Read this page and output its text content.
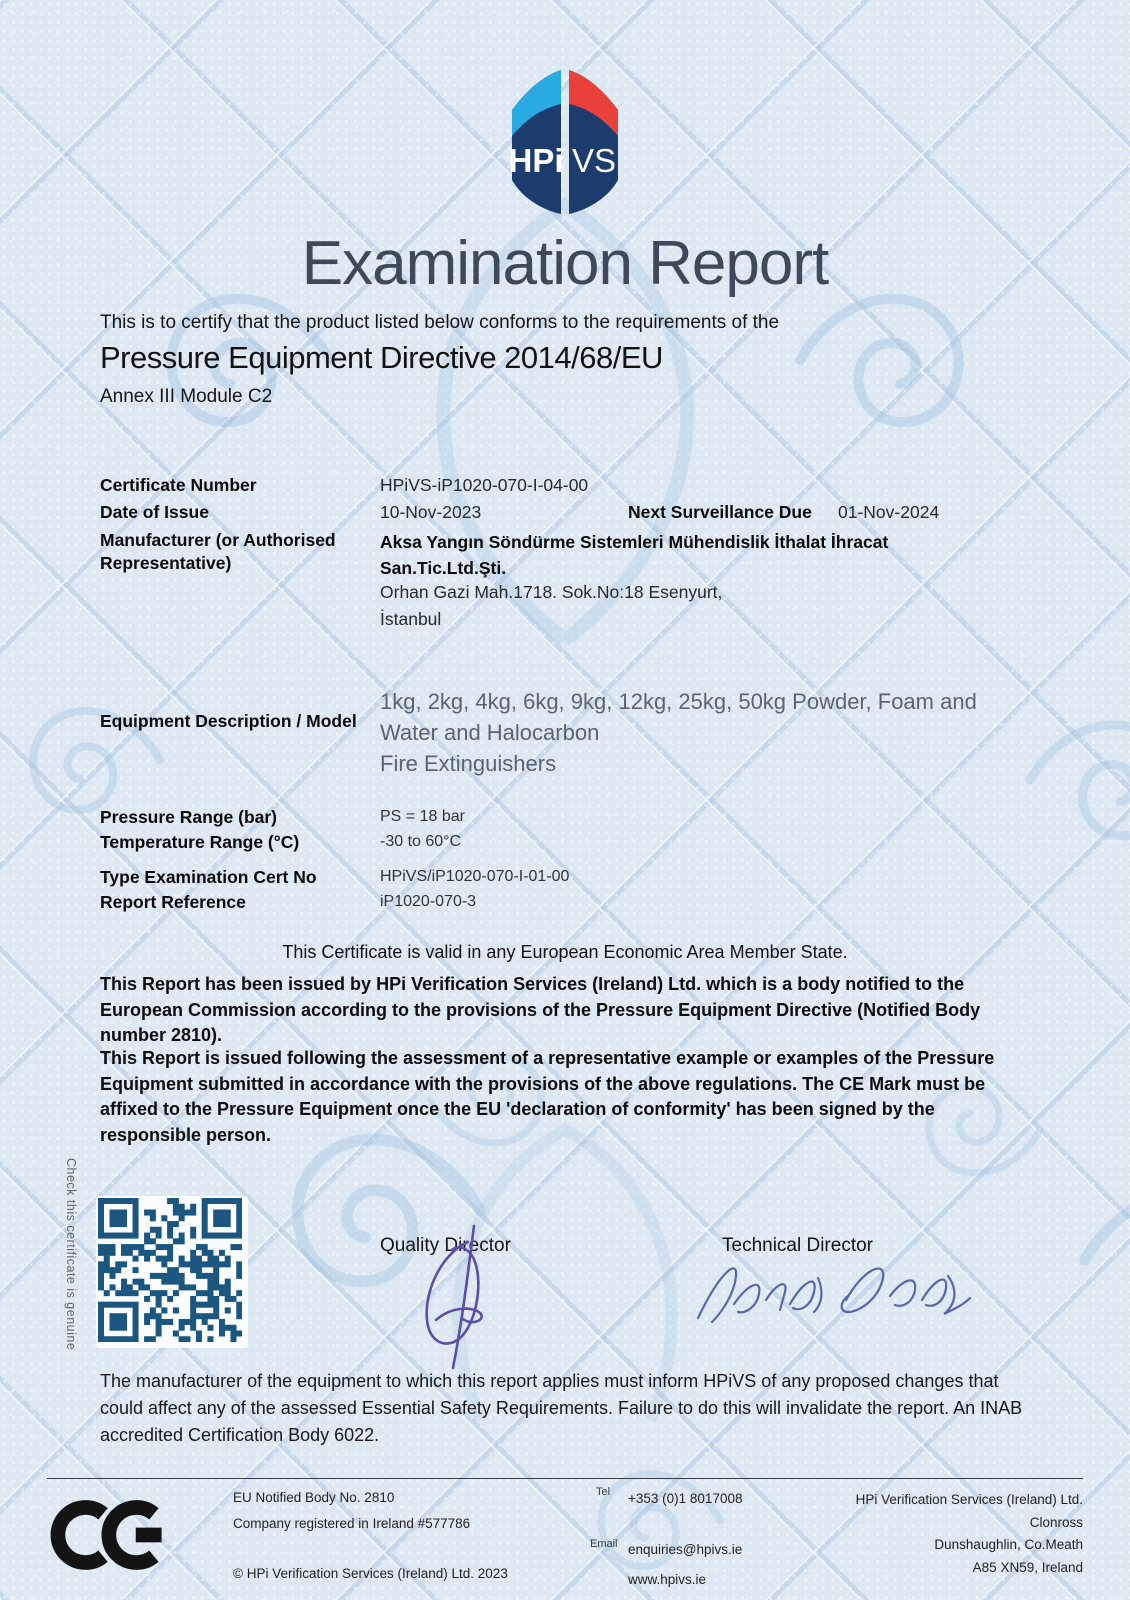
HPi VS
Examination Report
This is to certify that the product listed below conforms to the requirements of the
Pressure Equipment Directive 2014/68/EU
Annex III Module C2
Certificate Number	HPiVS-iP1020-070-I-04-00
Date of Issue	10-Nov-2023	Next Surveillance Due 01-Nov-2024
Manufacturer (or Authorised Representative)
Aksa Yangın Söndürme Sistemleri Mühendislik İthalat İhracat San.Tic.Ltd.Şti.
Orhan Gazi Mah.1718. Sok.No:18 Esenyurt,
İstanbul
Equipment Description / Model
1kg, 2kg, 4kg, 6kg, 9kg, 12kg, 25kg, 50kg Powder, Foam and
Water and Halocarbon
Fire Extinguishers
Pressure Range (bar)	PS = 18 bar
Temperature Range (°C)	-30 to 60°C
Type Examination Cert No	HPiVS/iP1020-070-I-01-00
Report Reference	iP1020-070-3
This Certificate is valid in any European Economic Area Member State.
This Report has been issued by HPi Verification Services (Ireland) Ltd. which is a body notified to the European Commission according to the provisions of the Pressure Equipment Directive (Notified Body number 2810).
This Report is issued following the assessment of a representative example or examples of the Pressure Equipment submitted in accordance with the provisions of the above regulations. The CE Mark must be affixed to the Pressure Equipment once the EU 'declaration of conformity' has been signed by the responsible person.
Check this certificate is genuine	Quality Director	Technical Director
The manufacturer of the equipment to which this report applies must inform HPiVS of any proposed changes that could affect any of the assessed Essential Safety Requirements. Failure to do this will invalidate the report. An INAB accredited Certification Body 6022.
EU Notified Body No. 2810
Company registered in Ireland #577786
© HPi Verification Services (Ireland) Ltd. 2023
Tel +353 (0)1 8017008
Email enquiries@hpivs.ie
www.hpivs.ie
HPi Verification Services (Ireland) Ltd.
Clonross
Dunshaughlin, Co.Meath
A85 XN59, Ireland
